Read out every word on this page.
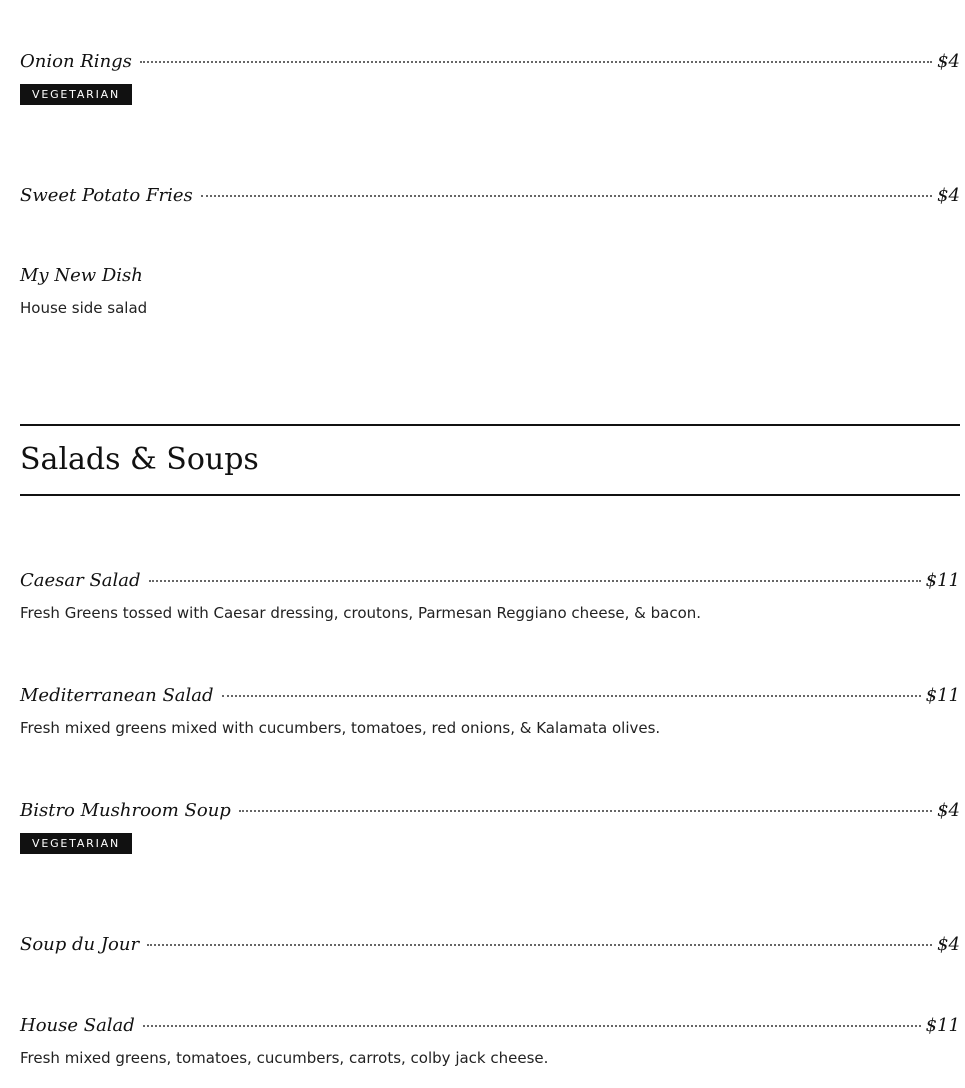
Onion Rings	$4
VEGETARIAN
Sweet Potato Fries	$4
My New Dish
House side salad
Salads & Soups
Caesar Salad	$11
Fresh Greens tossed with Caesar dressing, croutons, Parmesan Reggiano cheese, & bacon.
Mediterranean Salad	$11
Fresh mixed greens mixed with cucumbers, tomatoes, red onions, & Kalamata olives.
Bistro Mushroom Soup	$4
VEGETARIAN
Soup du Jour	$4
House Salad	$11
Fresh mixed greens, tomatoes, cucumbers, carrots, colby jack cheese.
